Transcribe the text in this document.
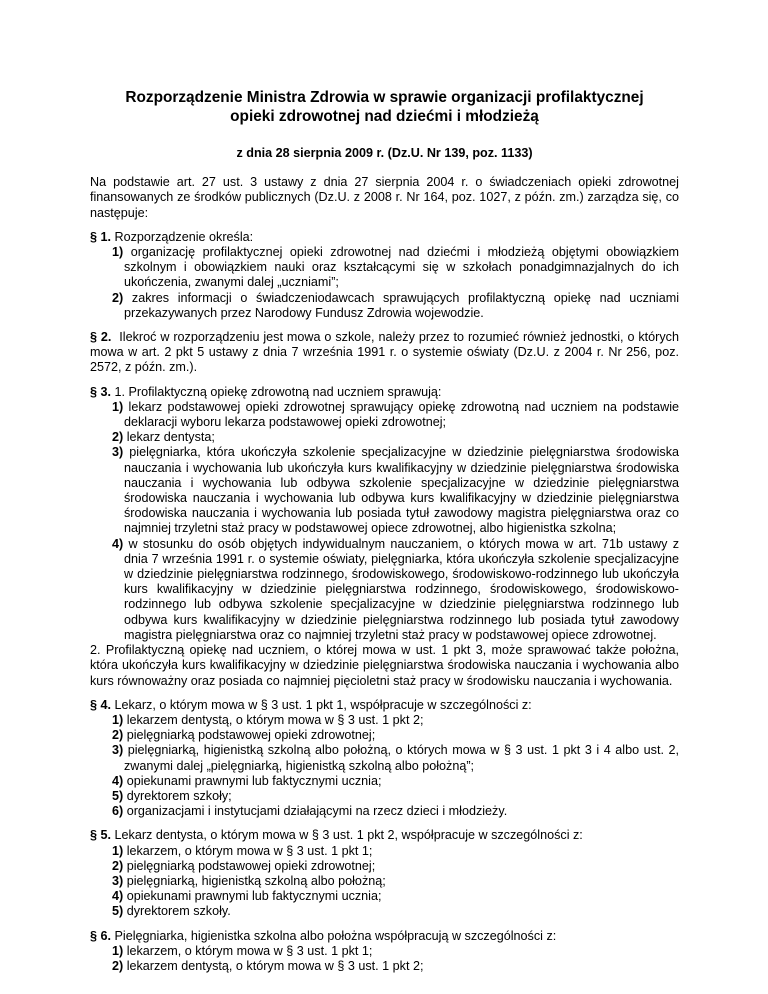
Rozporządzenie Ministra Zdrowia w sprawie organizacji profilaktycznej opieki zdrowotnej nad dziećmi i młodzieżą
z dnia 28 sierpnia 2009 r. (Dz.U. Nr 139, poz. 1133)

Na podstawie art. 27 ust. 3 ustawy z dnia 27 sierpnia 2004 r. o świadczeniach opieki zdrowotnej finansowanych ze środków publicznych (Dz.U. z 2008 r. Nr 164, poz. 1027, z późn. zm.) zarządza się, co następuje:

§ 1. Rozporządzenie określa:

1) organizację profilaktycznej opieki zdrowotnej nad dziećmi i młodzieżą objętymi obowiązkiem szkolnym i obowiązkiem nauki oraz kształcącymi się w szkołach ponadgimnazjalnych do ich ukończenia, zwanymi dalej „uczniami”;
2) zakres informacji o świadczeniodawcach sprawujących profilaktyczną opiekę nad uczniami przekazywanych przez Narodowy Fundusz Zdrowia wojewodzie.

§ 2. Ilekroć w rozporządzeniu jest mowa o szkole, należy przez to rozumieć również jednostki, o których mowa w art. 2 pkt 5 ustawy z dnia 7 września 1991 r. o systemie oświaty (Dz.U. z 2004 r. Nr 256, poz. 2572, z późn. zm.).

§ 3. 1. Profilaktyczną opiekę zdrowotną nad uczniem sprawują:

1) lekarz podstawowej opieki zdrowotnej sprawujący opiekę zdrowotną nad uczniem na podstawie deklaracji wyboru lekarza podstawowej opieki zdrowotnej;
2) lekarz dentysta;
3) pielęgniarka, która ukończyła szkolenie specjalizacyjne w dziedzinie pielęgniarstwa środowiska nauczania i wychowania lub ukończyła kurs kwalifikacyjny w dziedzinie pielęgniarstwa środowiska nauczania i wychowania lub odbywa szkolenie specjalizacyjne w dziedzinie pielęgniarstwa środowiska nauczania i wychowania lub odbywa kurs kwalifikacyjny w dziedzinie pielęgniarstwa środowiska nauczania i wychowania lub posiada tytuł zawodowy magistra pielęgniarstwa oraz co najmniej trzyletni staż pracy w podstawowej opiece zdrowotnej, albo higienistka szkolna;
4) w stosunku do osób objętych indywidualnym nauczaniem, o których mowa w art. 71b ustawy z dnia 7 września 1991 r. o systemie oświaty, pielęgniarka, która ukończyła szkolenie specjalizacyjne w dziedzinie pielęgniarstwa rodzinnego, środowiskowego, środowiskowo-rodzinnego lub ukończyła kurs kwalifikacyjny w dziedzinie pielęgniarstwa rodzinnego, środowiskowego, środowiskowo-rodzinnego lub odbywa szkolenie specjalizacyjne w dziedzinie pielęgniarstwa rodzinnego lub odbywa kurs kwalifikacyjny w dziedzinie pielęgniarstwa rodzinnego lub posiada tytuł zawodowy magistra pielęgniarstwa oraz co najmniej trzyletni staż pracy w podstawowej opiece zdrowotnej.

2. Profilaktyczną opiekę nad uczniem, o której mowa w ust. 1 pkt 3, może sprawować także położna, która ukończyła kurs kwalifikacyjny w dziedzinie pielęgniarstwa środowiska nauczania i wychowania albo kurs równoważny oraz posiada co najmniej pięcioletni staż pracy w środowisku nauczania i wychowania.

§ 4. Lekarz, o którym mowa w § 3 ust. 1 pkt 1, współpracuje w szczególności z:

1) lekarzem dentystą, o którym mowa w § 3 ust. 1 pkt 2;
2) pielęgniarką podstawowej opieki zdrowotnej;
3) pielęgniarką, higienistką szkolną albo położną, o których mowa w § 3 ust. 1 pkt 3 i 4 albo ust. 2, zwanymi dalej „pielęgniarką, higienistką szkolną albo położną”;
4) opiekunami prawnymi lub faktycznymi ucznia;
5) dyrektorem szkoły;
6) organizacjami i instytucjami działającymi na rzecz dzieci i młodzieży.

§ 5. Lekarz dentysta, o którym mowa w § 3 ust. 1 pkt 2, współpracuje w szczególności z:

1) lekarzem, o którym mowa w § 3 ust. 1 pkt 1;
2) pielęgniarką podstawowej opieki zdrowotnej;
3) pielęgniarką, higienistką szkolną albo położną;
4) opiekunami prawnymi lub faktycznymi ucznia;
5) dyrektorem szkoły.

§ 6. Pielęgniarka, higienistka szkolna albo położna współpracują w szczególności z:

1) lekarzem, o którym mowa w § 3 ust. 1 pkt 1;
2) lekarzem dentystą, o którym mowa w § 3 ust. 1 pkt 2;
